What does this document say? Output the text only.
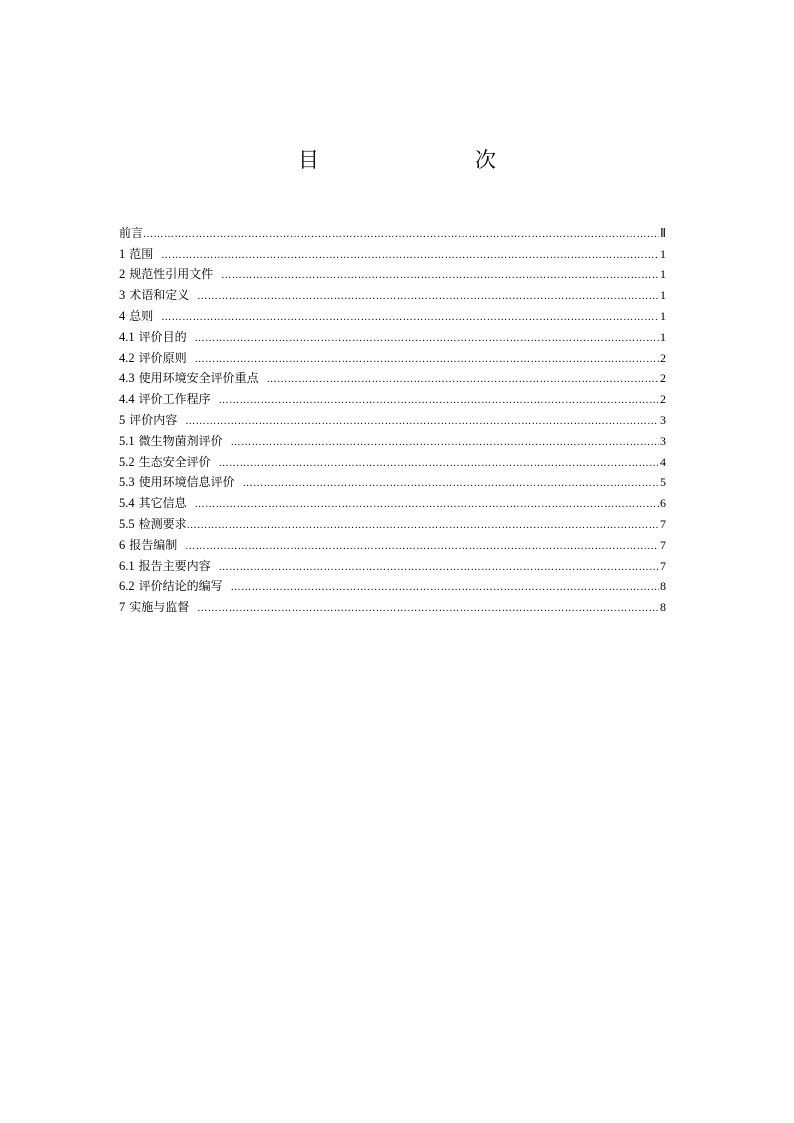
目　　次
前言 ………………………………………………………………………………………………………………………………………………………………………………………………………………………………	Ⅱ
1 范围 ………………………………………………………………………………………………………………………………………………………………………………………………………………………………	1
2 规范性引用文件 ………………………………………………………………………………………………………………………………………………………………………………………………………………………………	1
3 术语和定义 ………………………………………………………………………………………………………………………………………………………………………………………………………………………………	1
4 总则 ………………………………………………………………………………………………………………………………………………………………………………………………………………………………	1
4.1 评价目的 ………………………………………………………………………………………………………………………………………………………………………………………………………………………………	1
4.2 评价原则 ………………………………………………………………………………………………………………………………………………………………………………………………………………………………	2
4.3 使用环境安全评价重点 ………………………………………………………………………………………………………………………………………………………………………………………………………………………………	2
4.4 评价工作程序 ………………………………………………………………………………………………………………………………………………………………………………………………………………………………	2
5 评价内容 ………………………………………………………………………………………………………………………………………………………………………………………………………………………………	3
5.1 微生物菌剂评价 ………………………………………………………………………………………………………………………………………………………………………………………………………………………………	3
5.2 生态安全评价 ………………………………………………………………………………………………………………………………………………………………………………………………………………………………	4
5.3 使用环境信息评价 ………………………………………………………………………………………………………………………………………………………………………………………………………………………………	5
5.4 其它信息 ………………………………………………………………………………………………………………………………………………………………………………………………………………………………	6
5.5 检测要求 ………………………………………………………………………………………………………………………………………………………………………………………………………………………………	7
6 报告编制 ………………………………………………………………………………………………………………………………………………………………………………………………………………………………	7
6.1 报告主要内容 ………………………………………………………………………………………………………………………………………………………………………………………………………………………………	7
6.2 评价结论的编写 ………………………………………………………………………………………………………………………………………………………………………………………………………………………………	8
7 实施与监督 ………………………………………………………………………………………………………………………………………………………………………………………………………………………………	8
